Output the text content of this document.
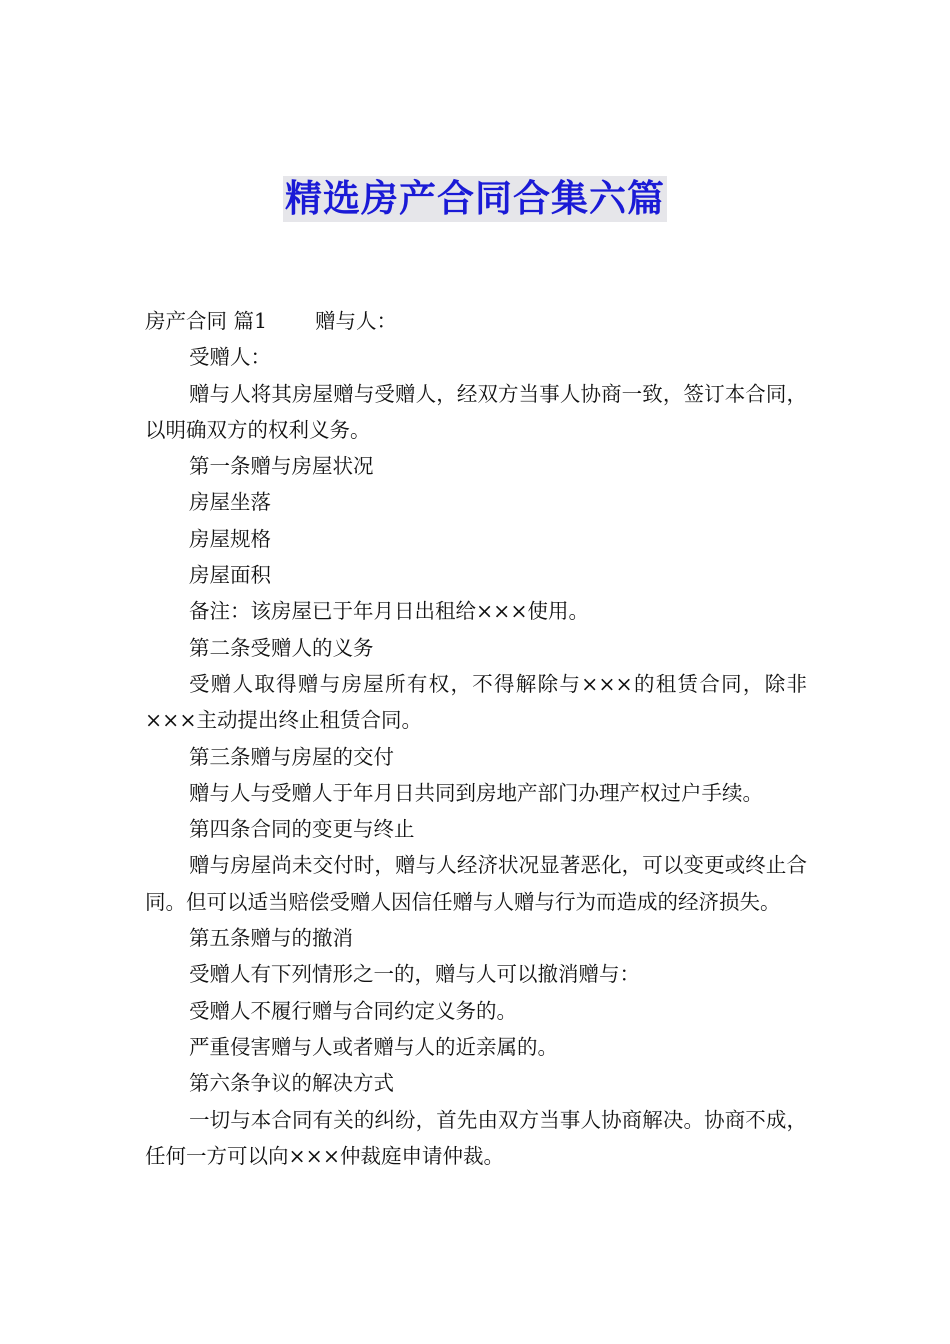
精选房产合同合集六篇

房产合同 篇1 赠与人：

受赠人：

赠与人将其房屋赠与受赠人，经双方当事人协商一致，签订本合同，以明确双方的权利义务。

第一条赠与房屋状况

房屋坐落

房屋规格

房屋面积

备注：该房屋已于年月日出租给×××使用。

第二条受赠人的义务

受赠人取得赠与房屋所有权，不得解除与×××的租赁合同，除非×××主动提出终止租赁合同。

第三条赠与房屋的交付

赠与人与受赠人于年月日共同到房地产部门办理产权过户手续。

第四条合同的变更与终止

赠与房屋尚未交付时，赠与人经济状况显著恶化，可以变更或终止合同。但可以适当赔偿受赠人因信任赠与人赠与行为而造成的经济损失。

第五条赠与的撤消

受赠人有下列情形之一的，赠与人可以撤消赠与：

受赠人不履行赠与合同约定义务的。

严重侵害赠与人或者赠与人的近亲属的。

第六条争议的解决方式

一切与本合同有关的纠纷，首先由双方当事人协商解决。协商不成，任何一方可以向×××仲裁庭申请仲裁。
